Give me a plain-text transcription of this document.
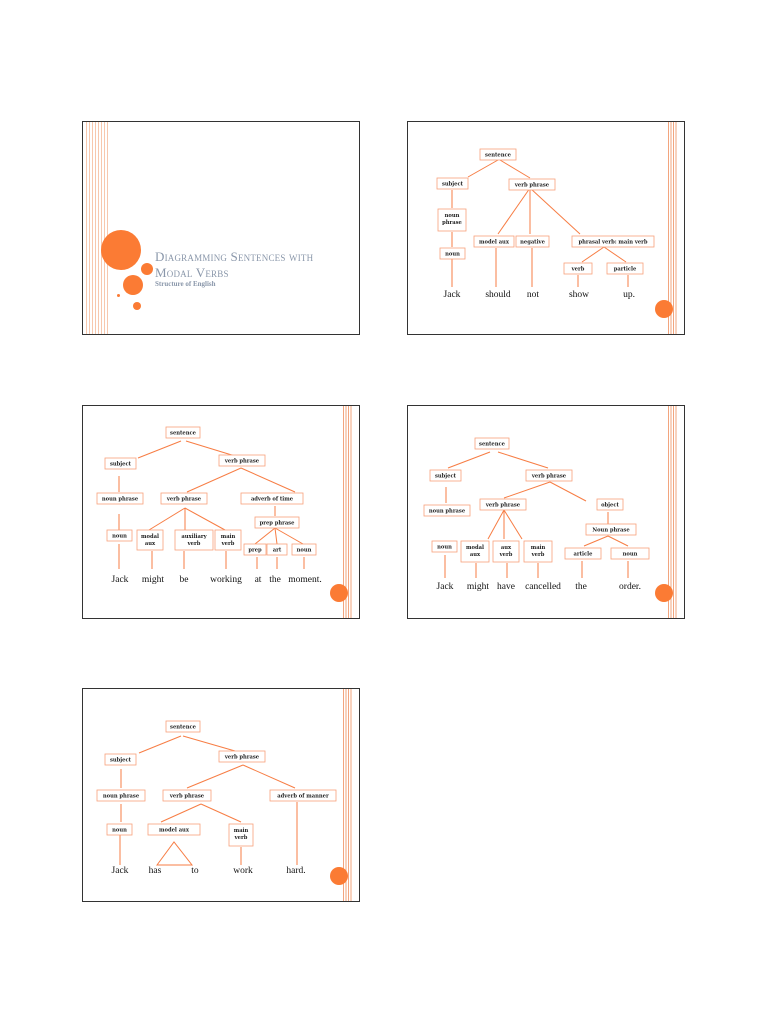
Diagramming Sentences with Modal Verbs
Structure of English
sentence
subject	verb phrase
noun phrase
model aux negative	phrasal verb: main verb
noun
verb	particle
Jack	should not	show	up.
sentence
subject	verb phrase
noun phrase	verb phrase	adverb of time
prep phrase
noun	modal aux
auxiliary verb
main verb
prep art	noun
Jack might be working at the moment.
sentence
subject	verb phrase
noun phrase
verb phrase	object
Noun phrase
noun	modal aux
aux verb
main verb	article	noun
Jack might have cancelled the	order.
sentence
subject	verb phrase
noun phrase	verb phrase	adverb of manner
noun	model aux	main verb
Jack has	to	work	hard.
